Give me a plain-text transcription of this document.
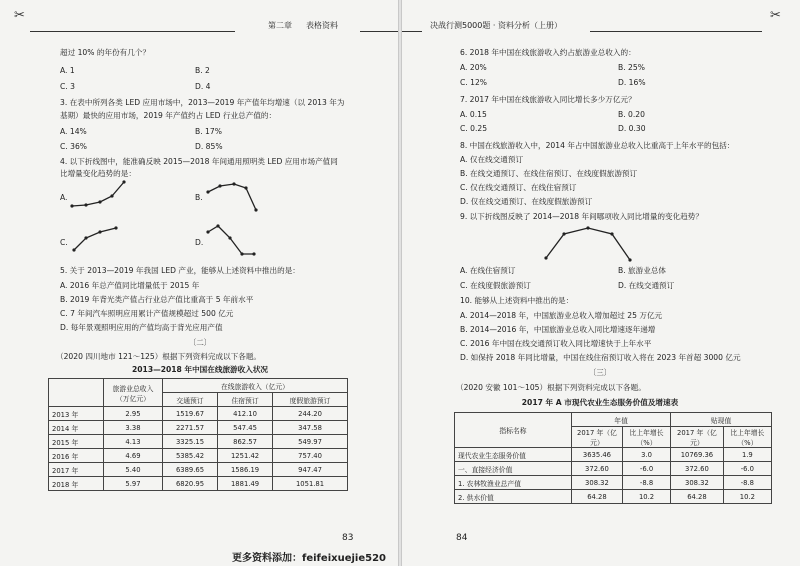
✂
第二章 表格资料
超过 10% 的年份有几个？
A. 1	B. 2
C. 3	D. 4
3. 在表中所列各类 LED 应用市场中，2013—2019 年产值年均增速（以 2013 年为
基期）最快的应用市场，2019 年产值约占 LED 行业总产值的：
A. 14%	B. 17%
C. 36%	D. 85%
4. 以下折线图中，能准确反映 2015—2018 年间通用照明类 LED 应用市场产值同
比增量变化趋势的是：
A.	B.
C.	D.
5. 关于 2013—2019 年我国 LED 产业，能够从上述资料中推出的是：
A. 2016 年总产值同比增量低于 2015 年
B. 2019 年背光类产值占行业总产值比重高于 5 年前水平
C. 7 年间汽车照明应用累计产值规模超过 500 亿元
D. 每年景观照明应用的产值均高于背光应用产值
〔二〕
（2020 四川地市 121～125）根据下列资料完成以下各题。
2013—2018 年中国在线旅游收入状况
	旅游业总收入（万亿元）	在线旅游收入（亿元）		
		交通预订	住宿预订	度假旅游预订
2013 年	2.95	1519.67	412.10	244.20
2014 年	3.38	2271.57	547.45	347.58
2015 年	4.13	3325.15	862.57	549.97
2016 年	4.69	5385.42	1251.42	757.40
2017 年	5.40	6389.65	1586.19	947.47
2018 年	5.97	6820.95	1881.49	1051.81
83
决战行测5000题 · 资料分析（上册）
✂
6. 2018 年中国在线旅游收入约占旅游业总收入的：
A. 20%	B. 25%
C. 12%	D. 16%
7. 2017 年中国在线旅游收入同比增长多少万亿元？
A. 0.15	B. 0.20
C. 0.25	D. 0.30
8. 中国在线旅游收入中，2014 年占中国旅游业总收入比重高于上年水平的包括：
A. 仅在线交通预订
B. 在线交通预订、在线住宿预订、在线度假旅游预订
C. 仅在线交通预订、在线住宿预订
D. 仅在线交通预订、在线度假旅游预订
9. 以下折线图反映了 2014—2018 年间哪项收入同比增量的变化趋势？
A. 在线住宿预订	B. 旅游业总体
C. 在线度假旅游预订	D. 在线交通预订
10. 能够从上述资料中推出的是：
A. 2014—2018 年，中国旅游业总收入增加超过 25 万亿元
B. 2014—2016 年，中国旅游业总收入同比增速逐年递增
C. 2016 年中国在线交通预订收入同比增速快于上年水平
D. 如保持 2018 年同比增量，中国在线住宿预订收入将在 2023 年首超 3000 亿元
〔三〕
（2020 安徽 101～105）根据下列资料完成以下各题。
2017 年 A 市现代农业生态服务价值及增速表
指标名称	年值		贴现值	
	2017 年（亿元）	比上年增长（%）	2017 年（亿元）	比上年增长（%）
现代农业生态服务价值	3635.46	3.0	10769.36	1.9
一、直接经济价值	372.60	-6.0	372.60	-6.0
1. 农林牧渔业总产值	308.32	-8.8	308.32	-8.8
2. 供水价值	64.28	10.2	64.28	10.2
84
更多资料添加：feifeixuejie520
